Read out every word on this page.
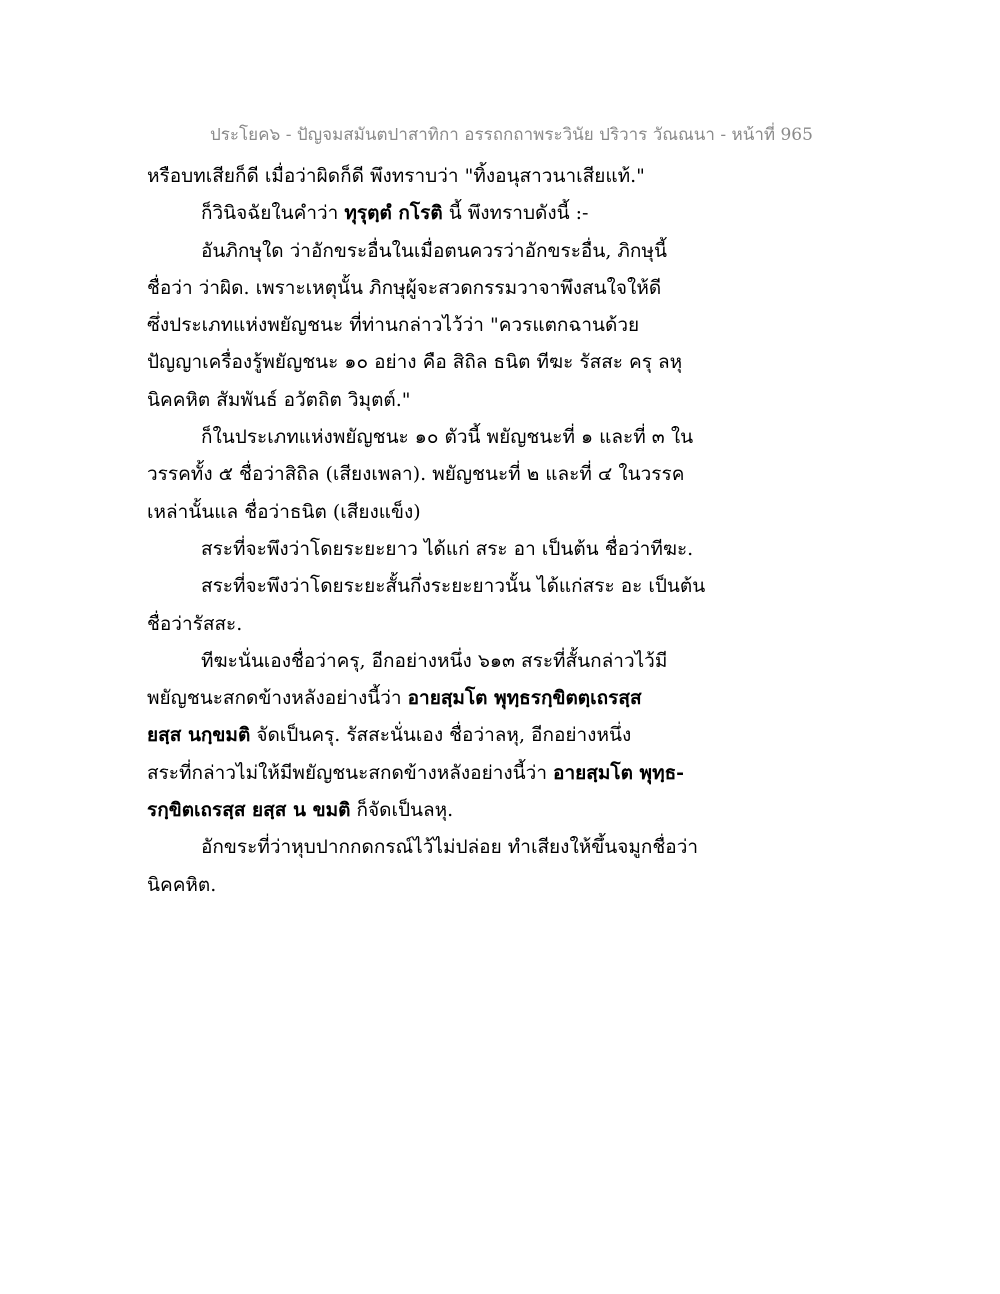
ประโยค๖ - ปัญจมสมันตปาสาทิกา อรรถกถาพระวินัย ปริวาร วัณณนา - หน้าที่ 965
หรือบทเสียก็ดี เมื่อว่าผิดก็ดี พึงทราบว่า "ทิ้งอนุสาวนาเสียแท้."
ก็วินิจฉัยในคำว่า ทุรุตฺตํ กโรติ นี้ พึงทราบดังนี้ :-
อันภิกษุใด ว่าอักขระอื่นในเมื่อตนควรว่าอักขระอื่น, ภิกษุนี้
ชื่อว่า ว่าผิด. เพราะเหตุนั้น ภิกษุผู้จะสวดกรรมวาจาพึงสนใจให้ดี
ซึ่งประเภทแห่งพยัญชนะ ที่ท่านกล่าวไว้ว่า "ควรแตกฉานด้วย
ปัญญาเครื่องรู้พยัญชนะ ๑๐ อย่าง คือ สิถิล ธนิต ทีฆะ รัสสะ ครุ ลหุ
นิคคหิต สัมพันธ์ อวัตถิต วิมุตต์."
ก็ในประเภทแห่งพยัญชนะ ๑๐ ตัวนี้ พยัญชนะที่ ๑ และที่ ๓ ใน
วรรคทั้ง ๕ ชื่อว่าสิถิล (เสียงเพลา). พยัญชนะที่ ๒ และที่ ๔ ในวรรค
เหล่านั้นแล ชื่อว่าธนิต (เสียงแข็ง)
สระที่จะพึงว่าโดยระยะยาว ได้แก่ สระ อา เป็นต้น ชื่อว่าทีฆะ.
สระที่จะพึงว่าโดยระยะสั้นกึ่งระยะยาวนั้น ได้แก่สระ อะ เป็นต้น
ชื่อว่ารัสสะ.
ทีฆะนั่นเองชื่อว่าครุ, อีกอย่างหนึ่ง ๖๑๓ สระที่สั้นกล่าวไว้มี
พยัญชนะสกดข้างหลังอย่างนี้ว่า อายสฺมโต พุทฺธรกฺขิตตฺเถรสฺส
ยสฺส นกฺขมติ จัดเป็นครุ. รัสสะนั่นเอง ชื่อว่าลหุ, อีกอย่างหนึ่ง
สระที่กล่าวไม่ให้มีพยัญชนะสกดข้างหลังอย่างนี้ว่า อายสฺมโต พุทฺธ-
รกฺขิตเถรสฺส ยสฺส น ขมติ ก็จัดเป็นลหุ.
อักขระที่ว่าหุบปากกดกรณ์ไว้ไม่ปล่อย ทำเสียงให้ขึ้นจมูกชื่อว่า
นิคคหิต.
